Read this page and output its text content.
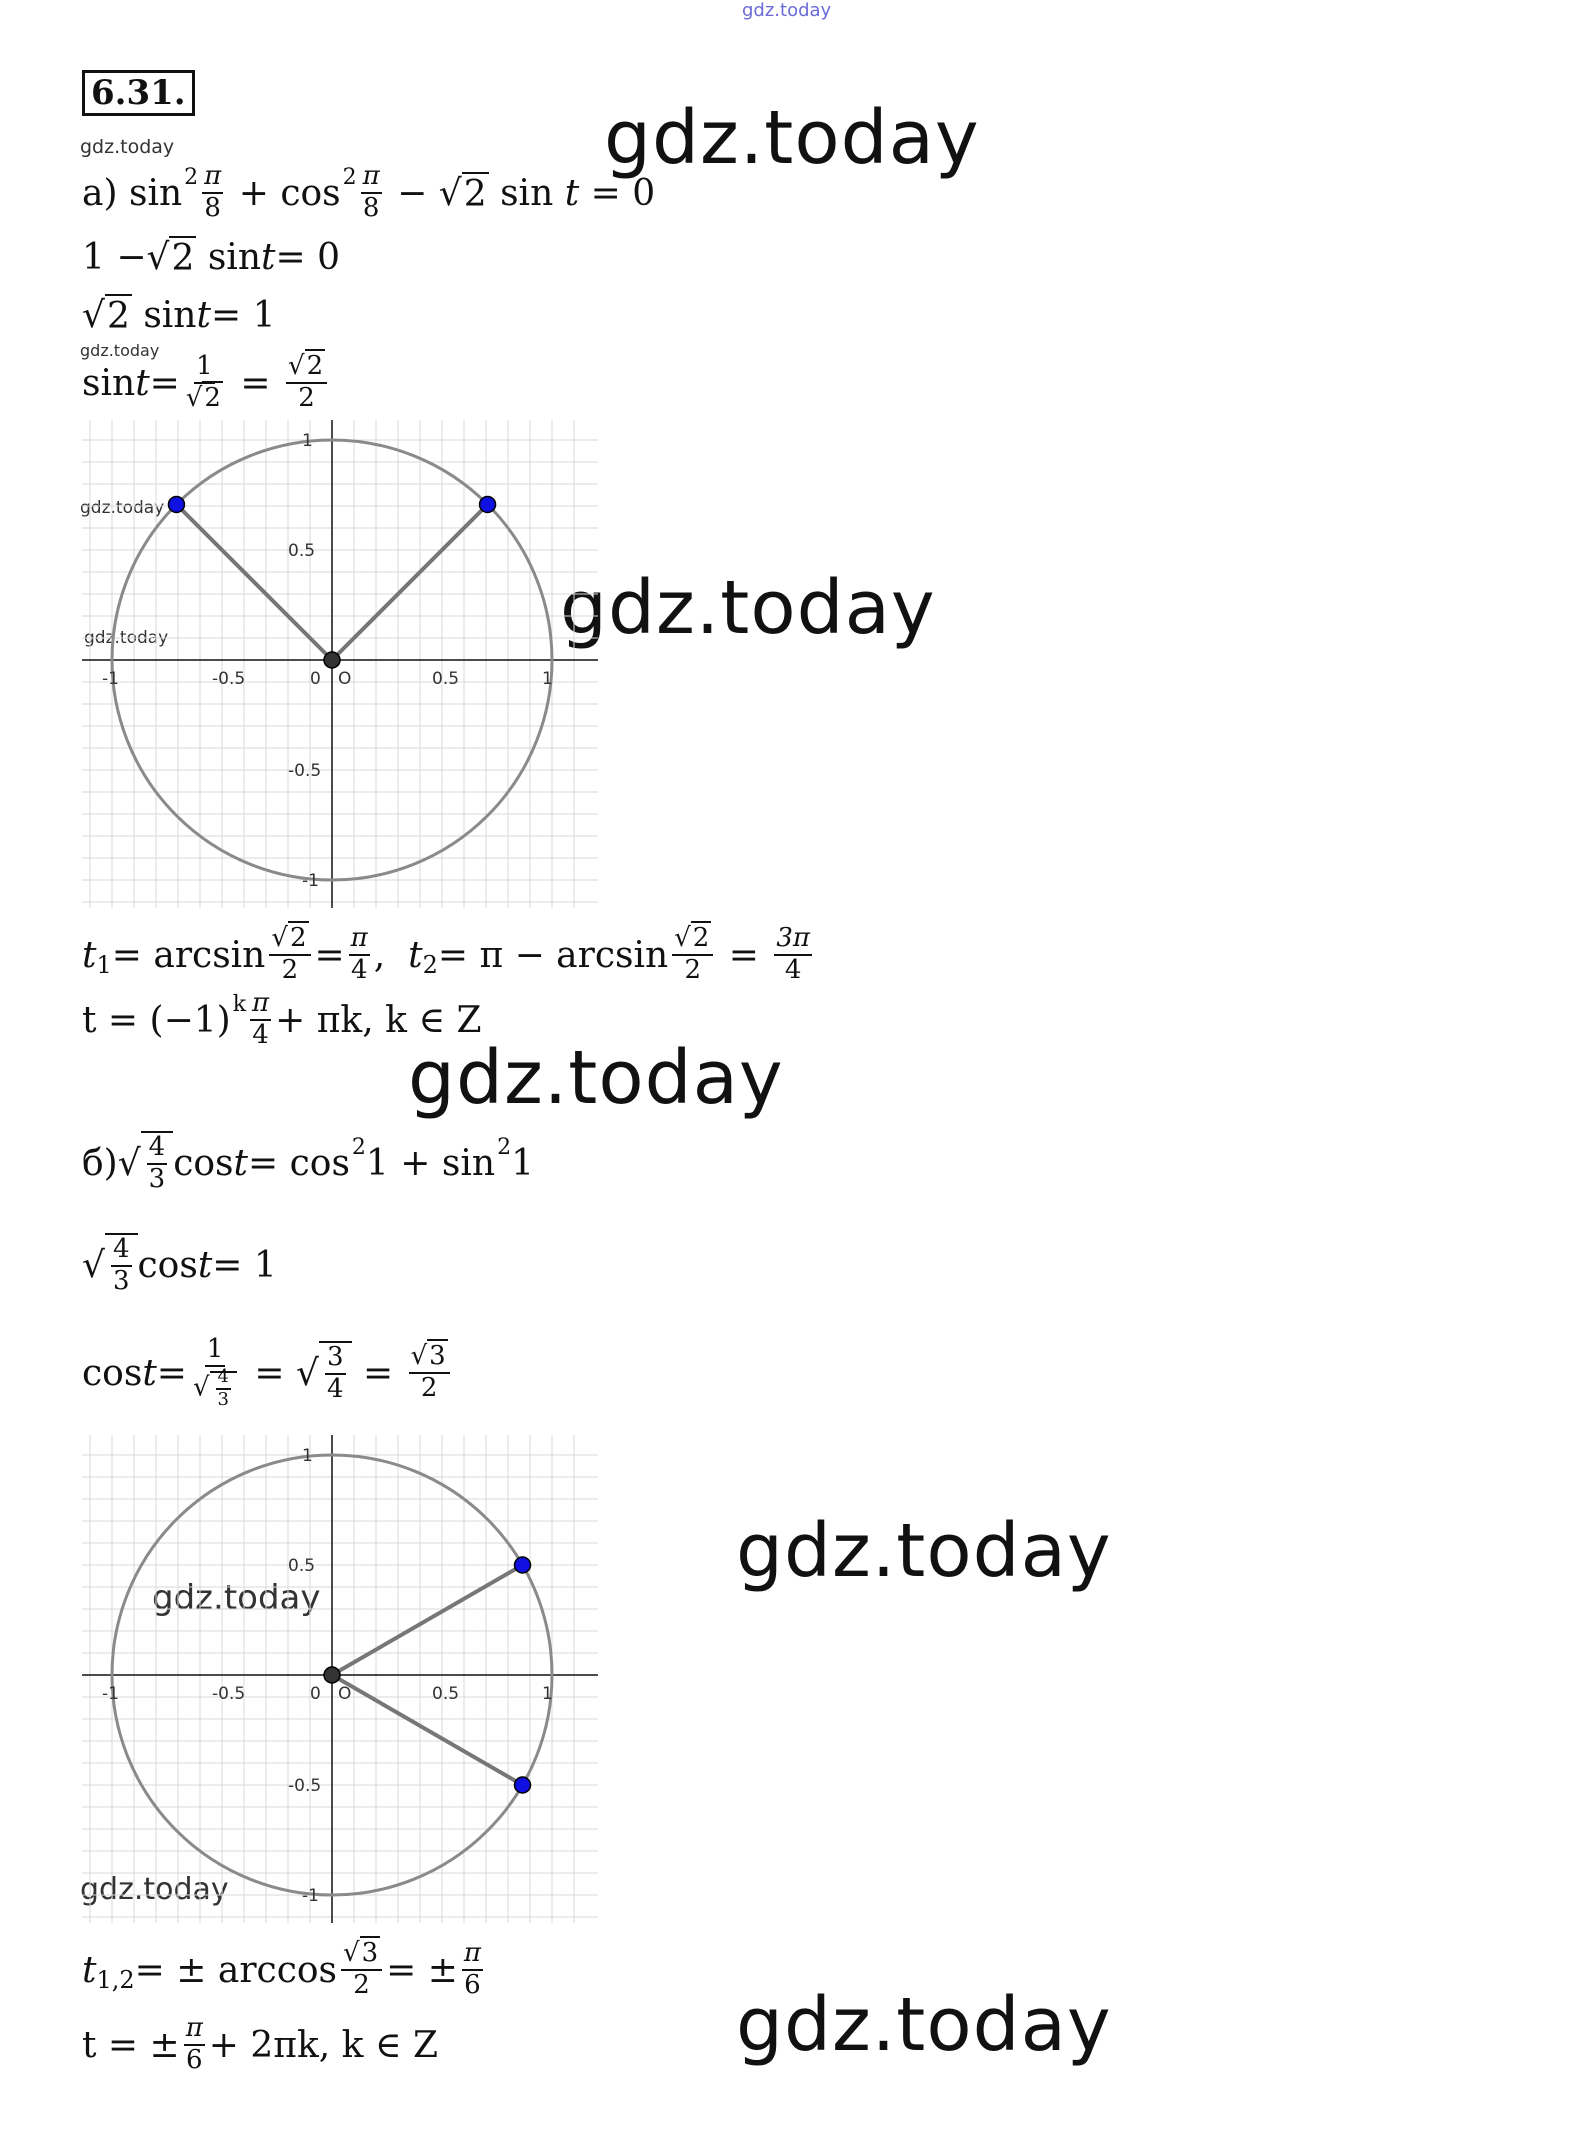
gdz.today
6.31.
gdz.today	gdz.today
gdz.today
gdz.today
gdz.today	gdz.today
gdz.today
gdz.today
gdz.today
gdz.today
gdz.today
а)
$\sin 2 \frac{\pi}{8} + \cos 2 \frac{\pi}{8}$ − √ 2
sin
t
= 0
1 − √ 2
sin t = 0
√ 2
sin t = 1
$\sin t = \frac{1}{√2} = \frac{√2}{2}$
-1	-0.5	0	0.5	1
1
0.5
-0.5
-1
O
t $1 = \arcsin \frac{√2}{2} = \frac{\pi}{4}$ , t $2 = \pi - \arcsin \frac{√2}{2} = \frac{3\pi}{4}$
t = (−1) k $\frac{\pi}{4} + \pi k$, k ∈ Z
б) √ $\frac{4}{3}$ cos t = cos 2 1 + sin 2 1
√ $\frac{4}{3}$ cos t = 1
$\cos t = \frac{1}{√ \frac{4}{3}}$ = √ $\frac{3}{4} = \frac{√3}{2}$
-1	-0.5	0	0.5	1
1
0.5
-0.5
-1
O
t 1,2 = ± $\arccos \frac{√3}{2}$ = ± $\frac{\pi}{6}$
t = ± $\frac{\pi}{6} + 2\pi k$, k ∈ Z
